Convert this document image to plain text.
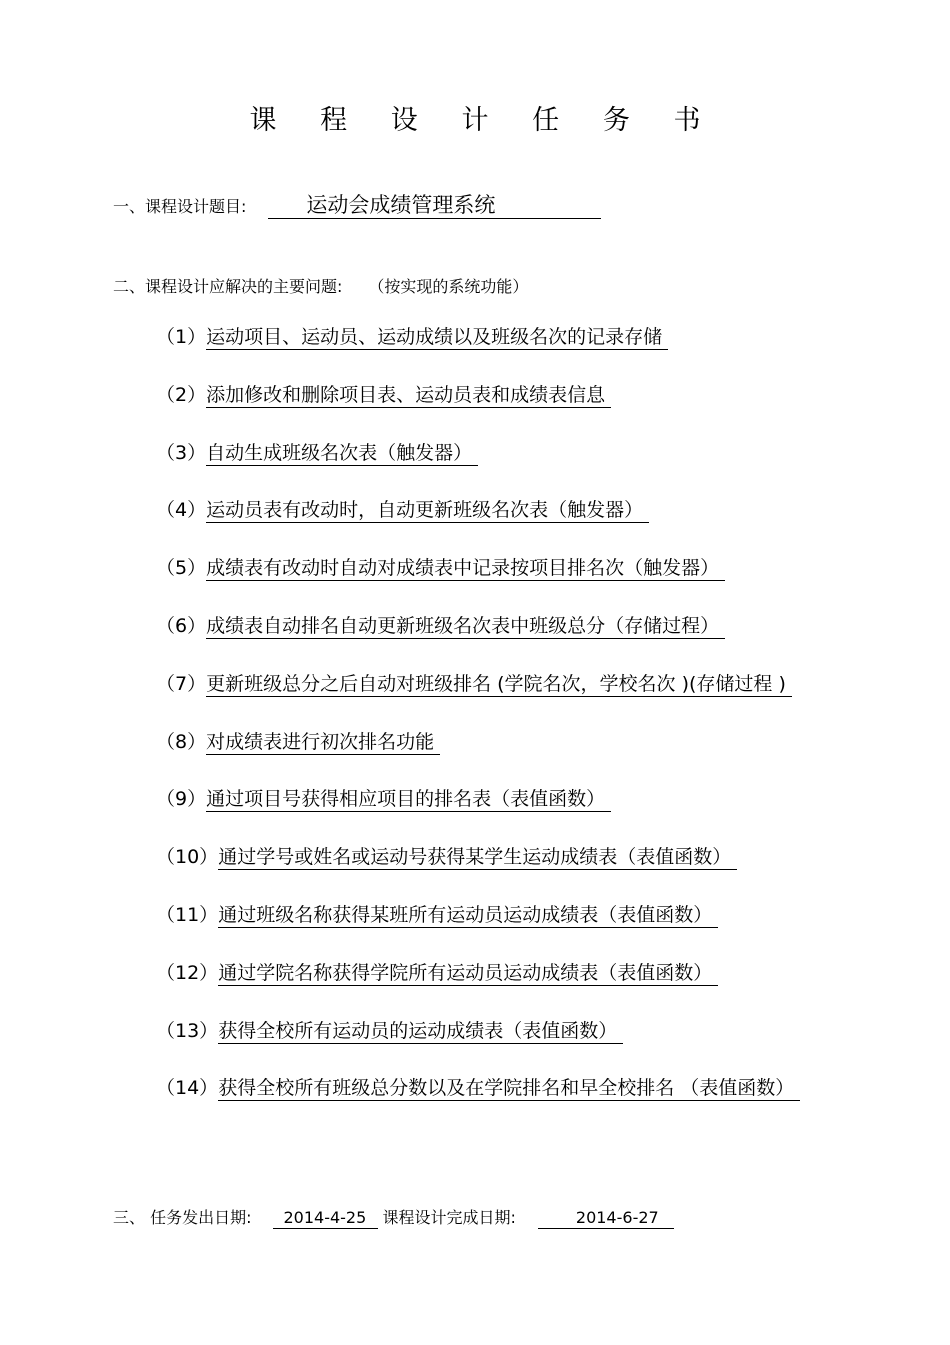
课 程 设 计 任 务 书
一、课程设计题目:	运动会成绩管理系统
二、课程设计应解决的主要问题: （按实现的系统功能）
（1）运动项目、运动员、运动成绩以及班级名次的记录存储
（2）添加修改和删除项目表、运动员表和成绩表信息
（3）自动生成班级名次表（触发器）
（4）运动员表有改动时，自动更新班级名次表（触发器）
（5）成绩表有改动时自动对成绩表中记录按项目排名次（触发器）
（6）成绩表自动排名自动更新班级名次表中班级总分（存储过程）
（7）更新班级总分之后自动对班级排名 (学院名次，学校名次 )(存储过程 )
（8）对成绩表进行初次排名功能
（9）通过项目号获得相应项目的排名表（表值函数）
（10）通过学号或姓名或运动号获得某学生运动成绩表（表值函数）
（11）通过班级名称获得某班所有运动员运动成绩表（表值函数）
（12）通过学院名称获得学院所有运动员运动成绩表（表值函数）
（13）获得全校所有运动员的运动成绩表（表值函数）
（14）获得全校所有班级总分数以及在学院排名和早全校排名 （表值函数）
三、 任务发出日期: 2014-4-25 课程设计完成日期:	2014-6-27
